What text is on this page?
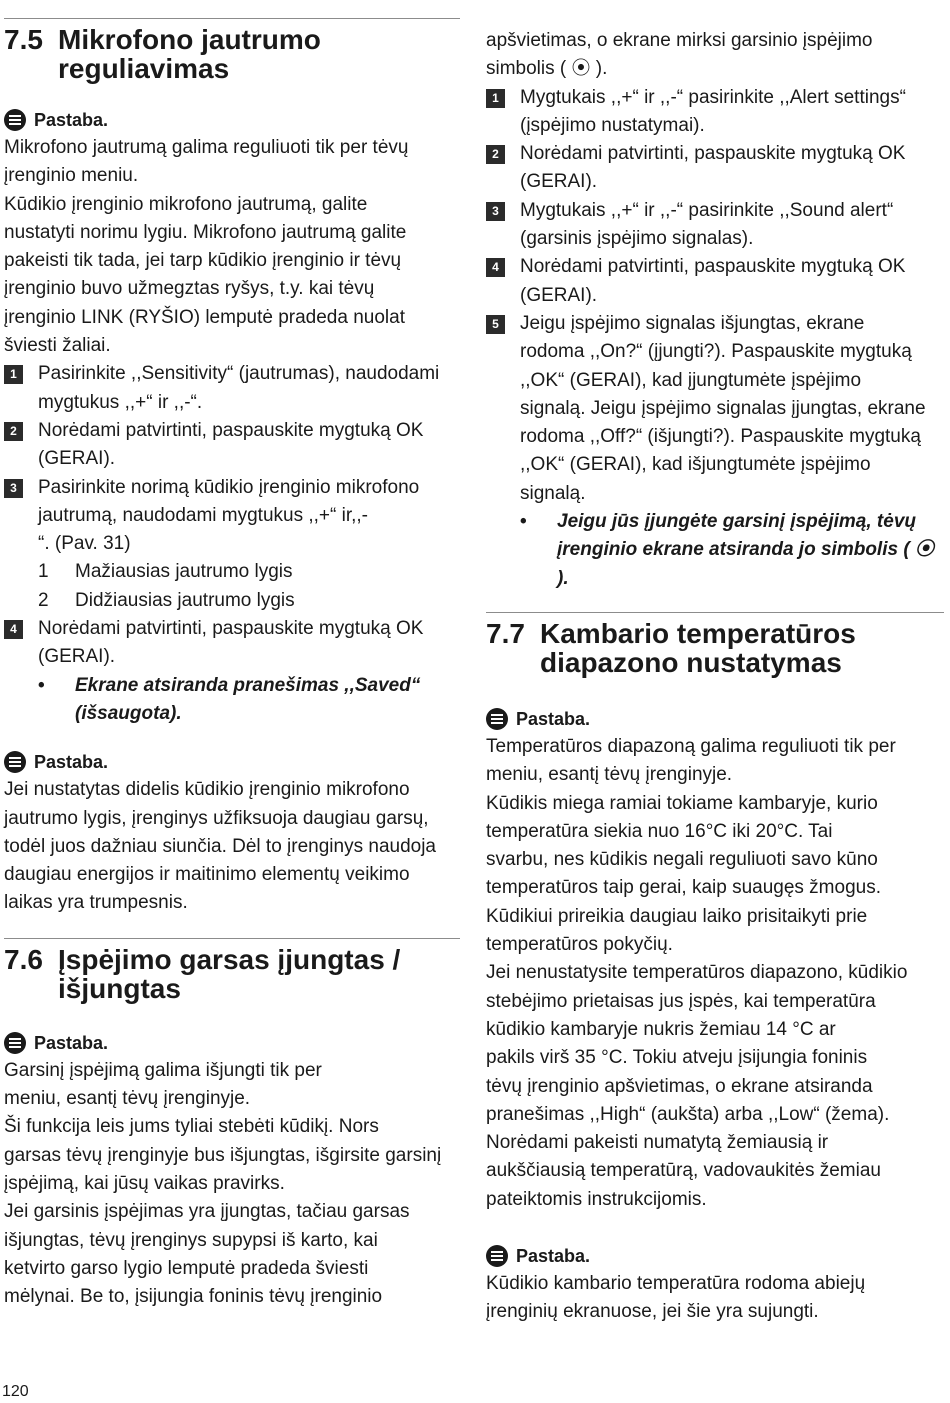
7.5 Mikrofono jautrumo
reguliavimas
Pastaba.
Mikrofono jautrumą galima reguliuoti tik per tėvų
įrenginio meniu.
Kūdikio įrenginio mikrofono jautrumą, galite
nustatyti norimu lygiu. Mikrofono jautrumą galite
pakeisti tik tada, jei tarp kūdikio įrenginio ir tėvų
įrenginio buvo užmegztas ryšys, t.y. kai tėvų
įrenginio LINK (RYŠIO) lemputė pradeda nuolat
šviesti žaliai.
1	Pasirinkite ,,Sensitivity“ (jautrumas), naudodami
mygtukus ,,+“ ir ,,-“.
2	Norėdami patvirtinti, paspauskite mygtuką OK
(GERAI).
3	Pasirinkite norimą kūdikio įrenginio mikrofono
jautrumą, naudodami mygtukus ,,+“ ir,,-
“. (Pav. 31)
1	Mažiausias jautrumo lygis
2	Didžiausias jautrumo lygis
4	Norėdami patvirtinti, paspauskite mygtuką OK
(GERAI).
•	Ekrane atsiranda pranešimas ,,Saved“
(išsaugota).
Pastaba.
Jei nustatytas didelis kūdikio įrenginio mikrofono
jautrumo lygis, įrenginys užfiksuoja daugiau garsų,
todėl juos dažniau siunčia. Dėl to įrenginys naudoja
daugiau energijos ir maitinimo elementų veikimo
laikas yra trumpesnis.
7.6 Įspėjimo garsas įjungtas /
išjungtas
Pastaba.
Garsinį įspėjimą galima išjungti tik per
meniu, esantį tėvų įrenginyje.
Ši funkcija leis jums tyliai stebėti kūdikį. Nors
garsas tėvų įrenginyje bus išjungtas, išgirsite garsinį
įspėjimą, kai jūsų vaikas pravirks.
Jei garsinis įspėjimas yra įjungtas, tačiau garsas
išjungtas, tėvų įrenginys supypsi iš karto, kai
ketvirto garso lygio lemputė pradeda šviesti
mėlynai. Be to, įsijungia foninis tėvų įrenginio
apšvietimas, o ekrane mirksi garsinio įspėjimo
simbolis ( ⦿ ).
1	Mygtukais ,,+“ ir ,,-“ pasirinkite ,,Alert settings“
(įspėjimo nustatymai).
2	Norėdami patvirtinti, paspauskite mygtuką OK
(GERAI).
3	Mygtukais ,,+“ ir ,,-“ pasirinkite ,,Sound alert“
(garsinis įspėjimo signalas).
4	Norėdami patvirtinti, paspauskite mygtuką OK
(GERAI).
5	Jeigu įspėjimo signalas išjungtas, ekrane
rodoma ,,On?“ (įjungti?). Paspauskite mygtuką
,,OK“ (GERAI), kad įjungtumėte įspėjimo
signalą. Jeigu įspėjimo signalas įjungtas, ekrane
rodoma ,,Off?“ (išjungti?). Paspauskite mygtuką
,,OK“ (GERAI), kad išjungtumėte įspėjimo
signalą.
•	Jeigu jūs įjungėte garsinį įspėjimą, tėvų
įrenginio ekrane atsiranda jo simbolis ( ⦿ ).
7.7 Kambario temperatūros
diapazono nustatymas
Pastaba.
Temperatūros diapazoną galima reguliuoti tik per
meniu, esantį tėvų įrenginyje.
Kūdikis miega ramiai tokiame kambaryje, kurio
temperatūra siekia nuo 16°C iki 20°C. Tai
svarbu, nes kūdikis negali reguliuoti savo kūno
temperatūros taip gerai, kaip suaugęs žmogus.
Kūdikiui prireikia daugiau laiko prisitaikyti prie
temperatūros pokyčių.
Jei nenustatysite temperatūros diapazono, kūdikio
stebėjimo prietaisas jus įspės, kai temperatūra
kūdikio kambaryje nukris žemiau 14 °C ar
pakils virš 35 °C. Tokiu atveju įsijungia foninis
tėvų įrenginio apšvietimas, o ekrane atsiranda
pranešimas ,,High“ (aukšta) arba ,,Low“ (žema).
Norėdami pakeisti numatytą žemiausią ir
aukščiausią temperatūrą, vadovaukitės žemiau
pateiktomis instrukcijomis.
Pastaba.
Kūdikio kambario temperatūra rodoma abiejų
įrenginių ekranuose, jei šie yra sujungti.
120
